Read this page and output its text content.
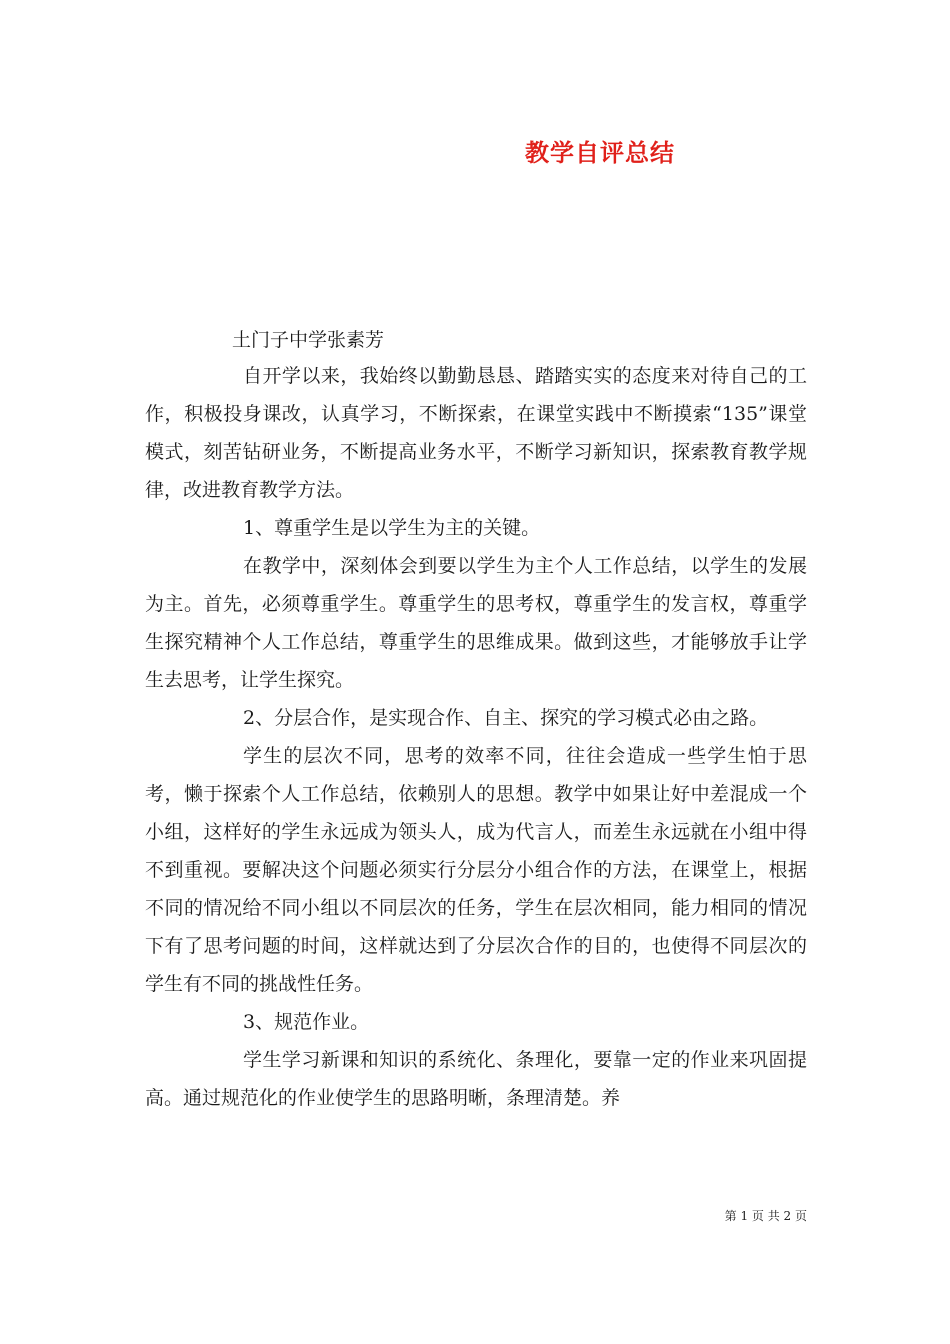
教学自评总结
土门子中学张素芳

自开学以来，我始终以勤勤恳恳、踏踏实实的态度来对待自己的工作，积极投身课改，认真学习，不断探索，在课堂实践中不断摸索“135”课堂模式，刻苦钻研业务，不断提高业务水平，不断学习新知识，探索教育教学规律，改进教育教学方法。

1、尊重学生是以学生为主的关键。

在教学中，深刻体会到要以学生为主个人工作总结，以学生的发展为主。首先，必须尊重学生。尊重学生的思考权，尊重学生的发言权，尊重学生探究精神个人工作总结，尊重学生的思维成果。做到这些，才能够放手让学生去思考，让学生探究。

2、分层合作，是实现合作、自主、探究的学习模式必由之路。

学生的层次不同，思考的效率不同，往往会造成一些学生怕于思考，懒于探索个人工作总结，依赖别人的思想。教学中如果让好中差混成一个小组，这样好的学生永远成为领头人，成为代言人，而差生永远就在小组中得不到重视。要解决这个问题必须实行分层分小组合作的方法，在课堂上，根据不同的情况给不同小组以不同层次的任务，学生在层次相同，能力相同的情况下有了思考问题的时间，这样就达到了分层次合作的目的，也使得不同层次的学生有不同的挑战性任务。

3、规范作业。

学生学习新课和知识的系统化、条理化，要靠一定的作业来巩固提高。通过规范化的作业使学生的思路明晰，条理清楚。养

第 1 页 共 2 页
